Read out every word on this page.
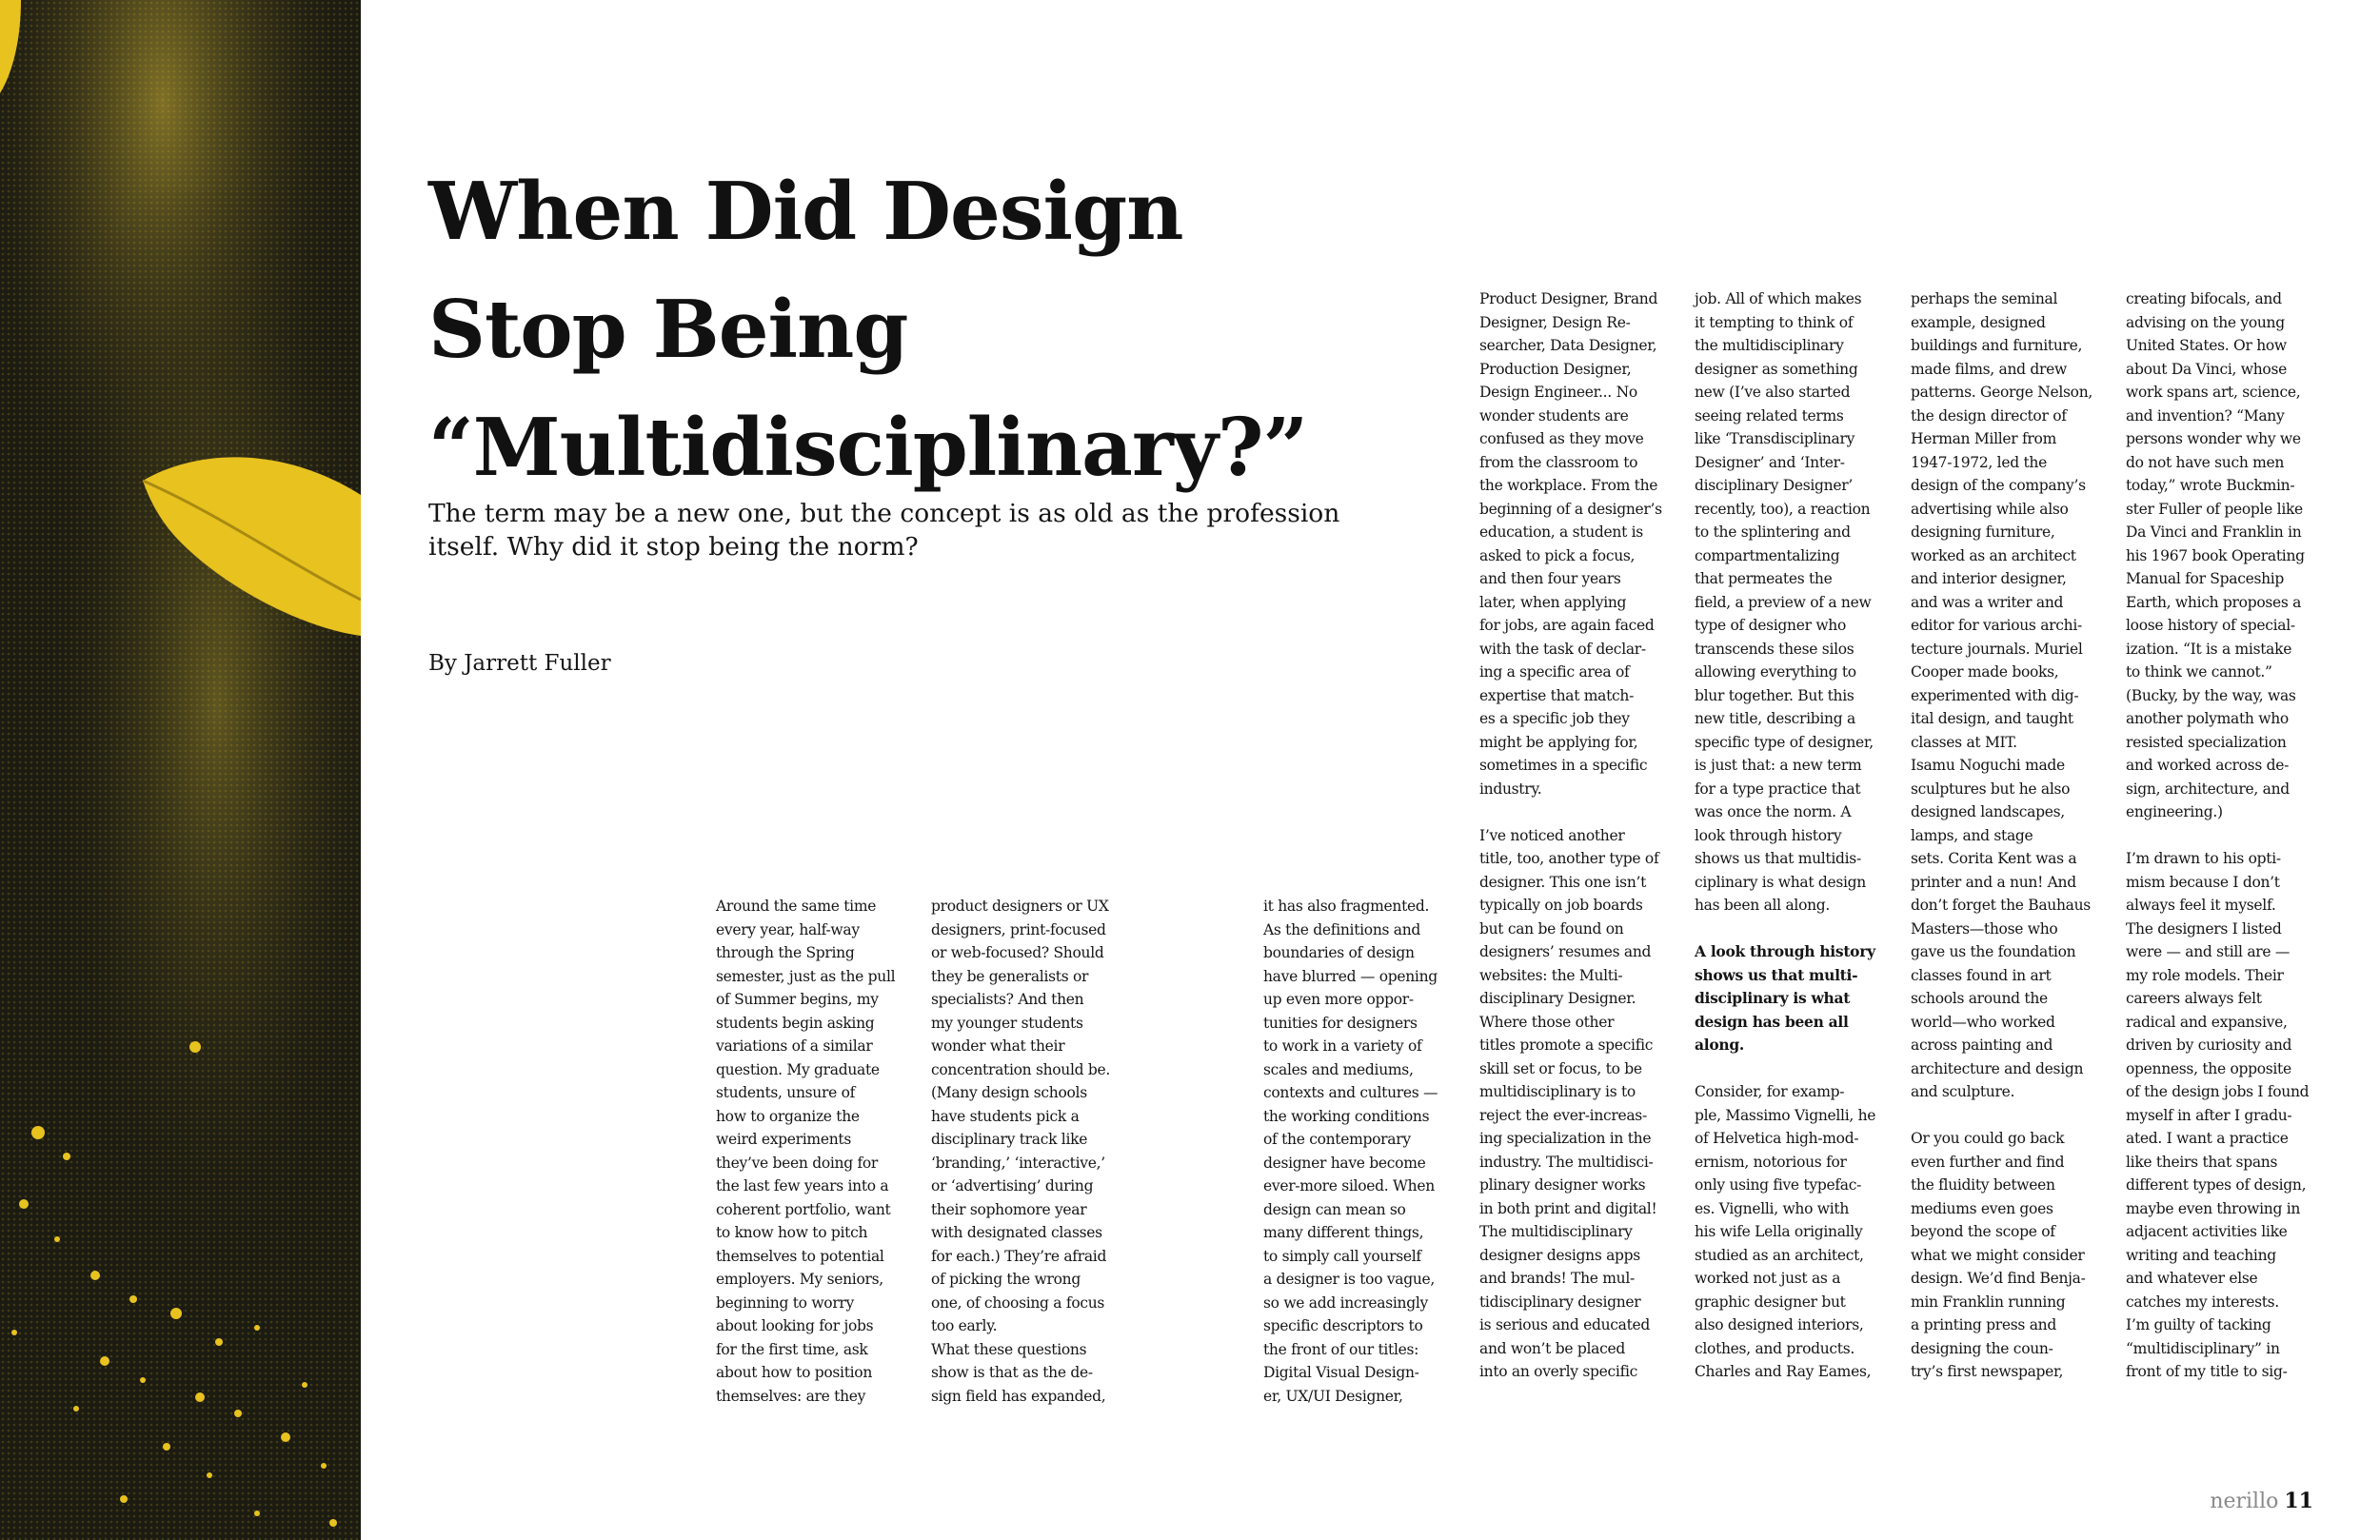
When Did Design
Stop Being
“Multidisciplinary?”

The term may be a new one, but the concept is as old as the profession
itself. Why did it stop being the norm?

By Jarrett Fuller

Around the same time
every year, half-way
through the Spring
semester, just as the pull
of Summer begins, my
students begin asking
variations of a similar
question. My graduate
students, unsure of
how to organize the
weird experiments
they’ve been doing for
the last few years into a
coherent portfolio, want
to know how to pitch
themselves to potential
employers. My seniors,
beginning to worry
about looking for jobs
for the first time, ask
about how to position
themselves: are they
product designers or UX
designers, print-focused
or web-focused? Should
they be generalists or
specialists? And then
my younger students
wonder what their
concentration should be.
(Many design schools
have students pick a
disciplinary track like
‘branding,’ ‘interactive,’
or ‘advertising’ during
their sophomore year
with designated classes
for each.) They’re afraid
of picking the wrong
one, of choosing a focus
too early.
What these questions
show is that as the de-
sign field has expanded,
it has also fragmented.
As the definitions and
boundaries of design
have blurred — opening
up even more oppor-
tunities for designers
to work in a variety of
scales and mediums,
contexts and cultures —
the working conditions
of the contemporary
designer have become
ever-more siloed. When
design can mean so
many different things,
to simply call yourself
a designer is too vague,
so we add increasingly
specific descriptors to
the front of our titles:
Digital Visual Design-
er, UX/UI Designer,
Product Designer, Brand
Designer, Design Re-
searcher, Data Designer,
Production Designer,
Design Engineer... No
wonder students are
confused as they move
from the classroom to
the workplace. From the
beginning of a designer’s
education, a student is
asked to pick a focus,
and then four years
later, when applying
for jobs, are again faced
with the task of declar-
ing a specific area of
expertise that match-
es a specific job they
might be applying for,
sometimes in a specific
industry.
I’ve noticed another
title, too, another type of
designer. This one isn’t
typically on job boards
but can be found on
designers’ resumes and
websites: the Multi-
disciplinary Designer.
Where those other
titles promote a specific
skill set or focus, to be
multidisciplinary is to
reject the ever-increas-
ing specialization in the
industry. The multidisci-
plinary designer works
in both print and digital!
The multidisciplinary
designer designs apps
and brands! The mul-
tidisciplinary designer
is serious and educated
and won’t be placed
into an overly specific
job. All of which makes
it tempting to think of
the multidisciplinary
designer as something
new (I’ve also started
seeing related terms
like ‘Transdisciplinary
Designer’ and ‘Inter-
disciplinary Designer’
recently, too), a reaction
to the splintering and
compartmentalizing
that permeates the
field, a preview of a new
type of designer who
transcends these silos
allowing everything to
blur together. But this
new title, describing a
specific type of designer,
is just that: a new term
for a type practice that
was once the norm. A
look through history
shows us that multidis-
ciplinary is what design
has been all along.
A look through history
shows us that multi-
disciplinary is what
design has been all
along.
Consider, for examp-
ple, Massimo Vignelli, he
of Helvetica high-mod-
ernism, notorious for
only using five typefac-
es. Vignelli, who with
his wife Lella originally
studied as an architect,
worked not just as a
graphic designer but
also designed interiors,
clothes, and products.
Charles and Ray Eames,
perhaps the seminal
example, designed
buildings and furniture,
made films, and drew
patterns. George Nelson,
the design director of
Herman Miller from
1947-1972, led the
design of the company’s
advertising while also
designing furniture,
worked as an architect
and interior designer,
and was a writer and
editor for various archi-
tecture journals. Muriel
Cooper made books,
experimented with dig-
ital design, and taught
classes at MIT.
Isamu Noguchi made
sculptures but he also
designed landscapes,
lamps, and stage
sets. Corita Kent was a
printer and a nun! And
don’t forget the Bauhaus
Masters—those who
gave us the foundation
classes found in art
schools around the
world—who worked
across painting and
architecture and design
and sculpture.
Or you could go back
even further and find
the fluidity between
mediums even goes
beyond the scope of
what we might consider
design. We’d find Benja-
min Franklin running
a printing press and
designing the coun-
try’s first newspaper,
creating bifocals, and
advising on the young
United States. Or how
about Da Vinci, whose
work spans art, science,
and invention? “Many
persons wonder why we
do not have such men
today,” wrote Buckmin-
ster Fuller of people like
Da Vinci and Franklin in
his 1967 book Operating
Manual for Spaceship
Earth, which proposes a
loose history of special-
ization. “It is a mistake
to think we cannot.”
(Bucky, by the way, was
another polymath who
resisted specialization
and worked across de-
sign, architecture, and
engineering.)
I’m drawn to his opti-
mism because I don’t
always feel it myself.
The designers I listed
were — and still are —
my role models. Their
careers always felt
radical and expansive,
driven by curiosity and
openness, the opposite
of the design jobs I found
myself in after I gradu-
ated. I want a practice
like theirs that spans
different types of design,
maybe even throwing in
adjacent activities like
writing and teaching
and whatever else
catches my interests.
I’m guilty of tacking
“multidisciplinary” in
front of my title to sig-
nerillo 11
